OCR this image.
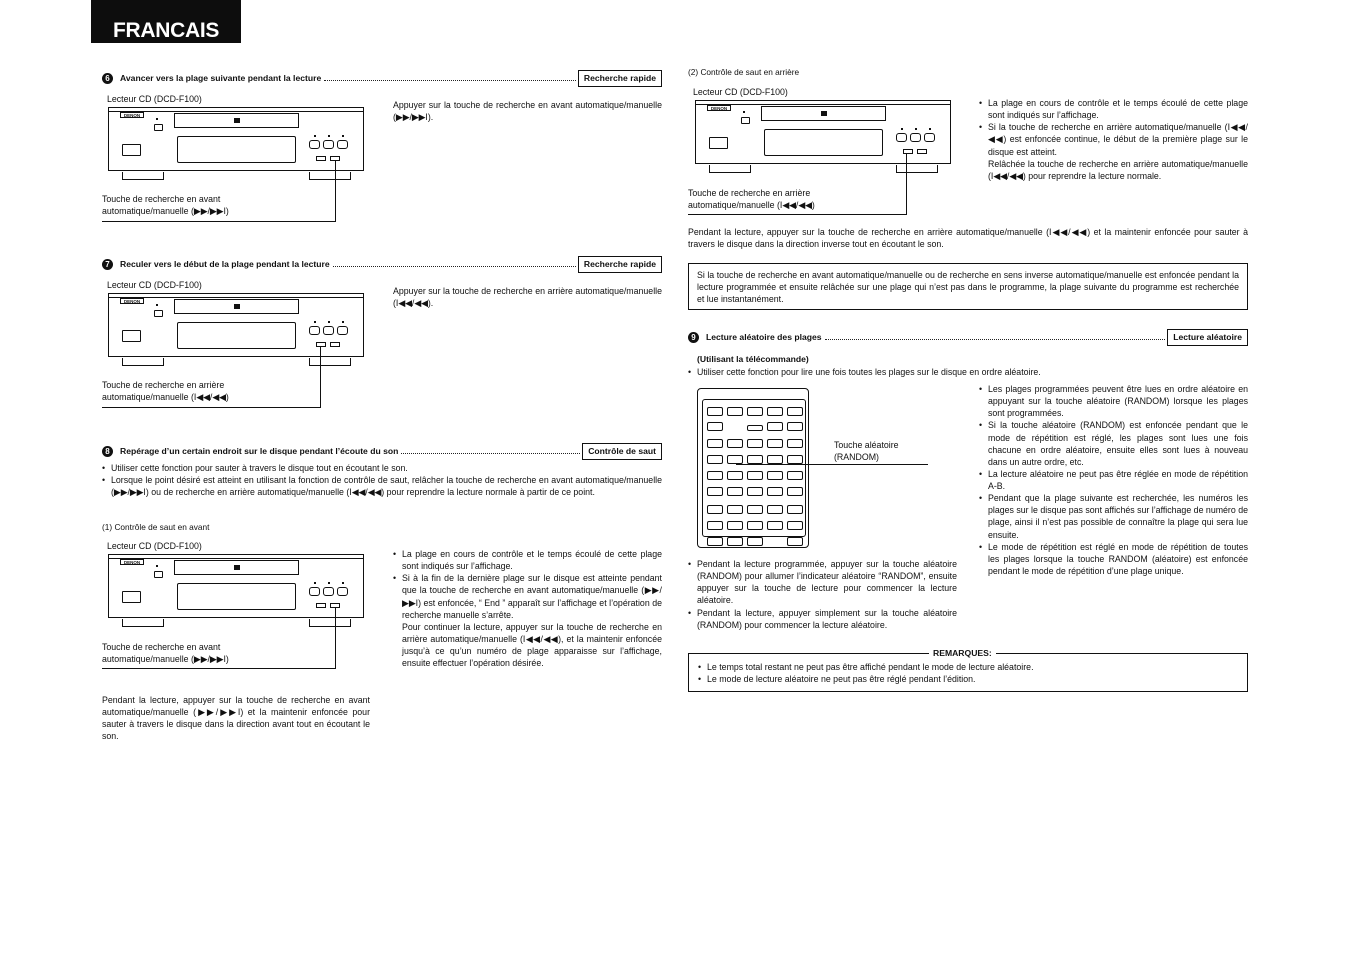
FRANCAIS
6	Avancer vers la plage suivante pendant la lecture	Recherche rapide
Lecteur CD (DCD-F100)
Appuyer sur la touche de recherche en avant automatique/manuelle (▶▶/▶▶I).
DENON
Touche de recherche en avant
automatique/manuelle (▶▶/▶▶I)
7	Reculer vers le début de la plage pendant la lecture	Recherche rapide
Lecteur CD (DCD-F100)
Appuyer sur la touche de recherche en arrière automatique/manuelle (I◀◀/◀◀).
DENON
Touche de recherche en arrière
automatique/manuelle (I◀◀/◀◀)
8	Repérage d’un certain endroit sur le disque pendant l’écoute du son	Contrôle de saut
• Utiliser cette fonction pour sauter à travers le disque tout en écoutant le son.
• Lorsque le point désiré est atteint en utilisant la fonction de contrôle de saut, relâcher la touche de recherche en avant automatique/manuelle (▶▶/▶▶I) ou de recherche en arrière automatique/manuelle (I◀◀/◀◀) pour reprendre la lecture normale à partir de ce point.
(1) Contrôle de saut en avant
Lecteur CD (DCD-F100)
DENON
Touche de recherche en avant
automatique/manuelle (▶▶/▶▶I)
• La plage en cours de contrôle et le temps écoulé de cette plage sont indiqués sur l’affichage.
• Si à la fin de la dernière plage sur le disque est atteinte pendant que la touche de recherche en avant automatique/manuelle (▶▶/▶▶I) est enfoncée, “ End ” apparaît sur l’affichage et l’opération de recherche manuelle s’arrête.
Pour continuer la lecture, appuyer sur la touche de recherche en arrière automatique/manuelle (I◀◀/◀◀), et la maintenir enfoncée jusqu’à ce qu’un numéro de plage apparaisse sur l’affichage, ensuite effectuer l’opération désirée.
Pendant la lecture, appuyer sur la touche de recherche en avant automatique/manuelle (▶▶/▶▶I) et la maintenir enfoncée pour sauter à travers le disque dans la direction avant tout en écoutant le son.
(2) Contrôle de saut en arrière
Lecteur CD (DCD-F100)
DENON
Touche de recherche en arrière
automatique/manuelle (I◀◀/◀◀)
• La plage en cours de contrôle et le temps écoulé de cette plage sont indiqués sur l’affichage.
• Si la touche de recherche en arrière automatique/manuelle (I◀◀/◀◀) est enfoncée continue, le début de la première plage sur le disque est atteint.
Relâchée la touche de recherche en arrière automatique/manuelle (I◀◀/◀◀) pour reprendre la lecture normale.
Pendant la lecture, appuyer sur la touche de recherche en arrière automatique/manuelle (I◀◀/◀◀) et la maintenir enfoncée pour sauter à travers le disque dans la direction inverse tout en écoutant le son.
Si la touche de recherche en avant automatique/manuelle ou de recherche en sens inverse automatique/manuelle est enfoncée pendant la lecture programmée et ensuite relâchée sur une plage qui n’est pas dans le programme, la plage suivante du programme est recherchée et lue instantanément.
9	Lecture aléatoire des plages	Lecture aléatoire
(Utilisant la télécommande)
• Utiliser cette fonction pour lire une fois toutes les plages sur le disque en ordre aléatoire.
Touche aléatoire
(RANDOM)
• Les plages programmées peuvent être lues en ordre aléatoire en appuyant sur la touche aléatoire (RANDOM) lorsque les plages sont programmées.
• Si la touche aléatoire (RANDOM) est enfoncée pendant que le mode de répétition est réglé, les plages sont lues une fois chacune en ordre aléatoire, ensuite elles sont lues à nouveau dans un autre ordre, etc.
• La lecture aléatoire ne peut pas être réglée en mode de répétition A-B.
• Pendant que la plage suivante est recherchée, les numéros les plages sur le disque pas sont affichés sur l’affichage de numéro de plage, ainsi il n’est pas possible de connaître la plage qui sera lue ensuite.
• Le mode de répétition est réglé en mode de répétition de toutes les plages lorsque la touche RANDOM (aléatoire) est enfoncée pendant le mode de répétition d’une plage unique.
• Pendant la lecture programmée, appuyer sur la touche aléatoire (RANDOM) pour allumer l’indicateur aléatoire “RANDOM”, ensuite appuyer sur la touche de lecture pour commencer la lecture aléatoire.
• Pendant la lecture, appuyer simplement sur la touche aléatoire (RANDOM) pour commencer la lecture aléatoire.
REMARQUES:
• Le temps total restant ne peut pas être affiché pendant le mode de lecture aléatoire.
• Le mode de lecture aléatoire ne peut pas être réglé pendant l’édition.
